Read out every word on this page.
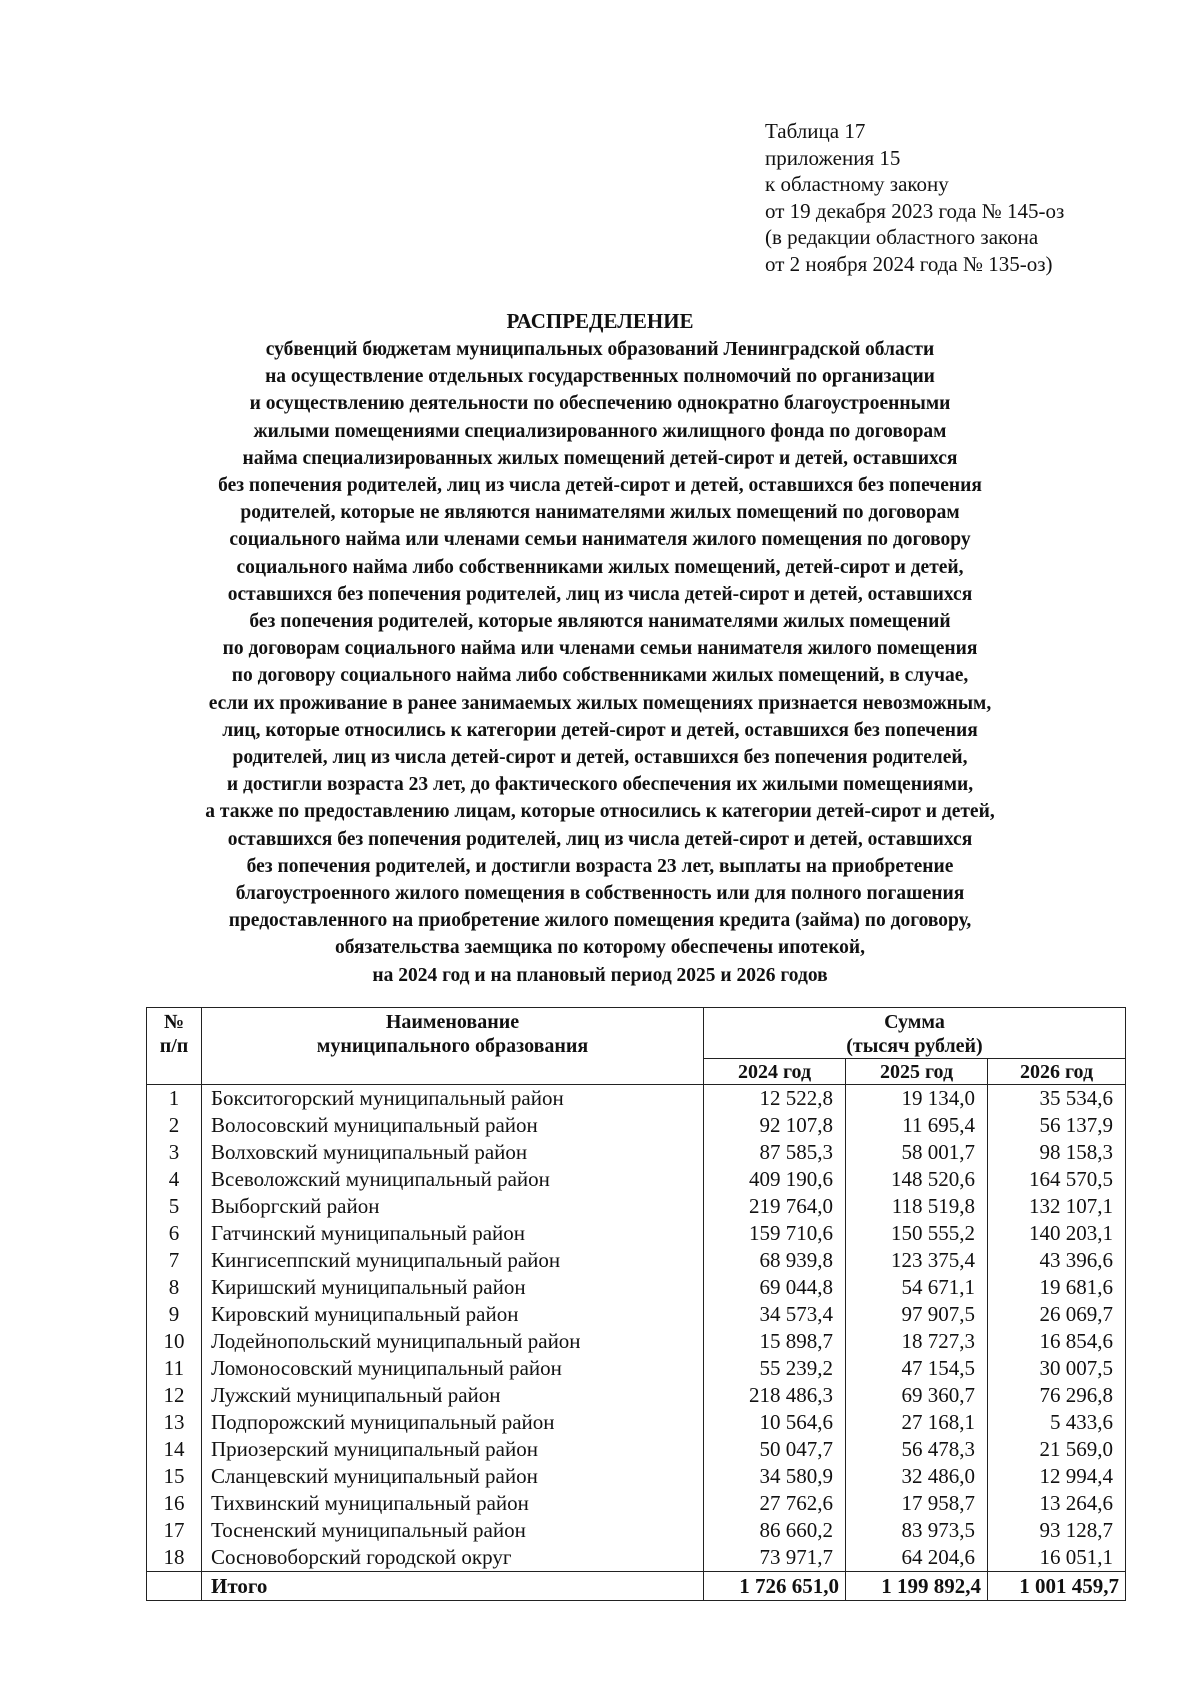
Таблица 17
приложения 15
к областному закону
от 19 декабря 2023 года № 145-оз
(в редакции областного закона
от 2 ноября 2024 года № 135-оз)
РАСПРЕДЕЛЕНИЕ
субвенций бюджетам муниципальных образований Ленинградской области
на осуществление отдельных государственных полномочий по организации
и осуществлению деятельности по обеспечению однократно благоустроенными
жилыми помещениями специализированного жилищного фонда по договорам
найма специализированных жилых помещений детей-сирот и детей, оставшихся
без попечения родителей, лиц из числа детей-сирот и детей, оставшихся без попечения
родителей, которые не являются нанимателями жилых помещений по договорам
социального найма или членами семьи нанимателя жилого помещения по договору
социального найма либо собственниками жилых помещений, детей-сирот и детей,
оставшихся без попечения родителей, лиц из числа детей-сирот и детей, оставшихся
без попечения родителей, которые являются нанимателями жилых помещений
по договорам социального найма или членами семьи нанимателя жилого помещения
по договору социального найма либо собственниками жилых помещений, в случае,
если их проживание в ранее занимаемых жилых помещениях признается невозможным,
лиц, которые относились к категории детей-сирот и детей, оставшихся без попечения
родителей, лиц из числа детей-сирот и детей, оставшихся без попечения родителей,
и достигли возраста 23 лет, до фактического обеспечения их жилыми помещениями,
а также по предоставлению лицам, которые относились к категории детей-сирот и детей,
оставшихся без попечения родителей, лиц из числа детей-сирот и детей, оставшихся
без попечения родителей, и достигли возраста 23 лет, выплаты на приобретение
благоустроенного жилого помещения в собственность или для полного погашения
предоставленного на приобретение жилого помещения кредита (займа) по договору,
обязательства заемщика по которому обеспечены ипотекой,
на 2024 год и на плановый период 2025 и 2026 годов
№
п/п	Наименование
муниципального образования	Сумма
(тысяч рублей)		

		2024 год	2025 год	2026 год
1	Бокситогорский муниципальный район	12 522,8	19 134,0	35 534,6
2	Волосовский муниципальный район	92 107,8	11 695,4	56 137,9
3	Волховский муниципальный район	87 585,3	58 001,7	98 158,3
4	Всеволожский муниципальный район	409 190,6	148 520,6	164 570,5
5	Выборгский район	219 764,0	118 519,8	132 107,1
6	Гатчинский муниципальный район	159 710,6	150 555,2	140 203,1
7	Кингисеппский муниципальный район	68 939,8	123 375,4	43 396,6
8	Киришский муниципальный район	69 044,8	54 671,1	19 681,6
9	Кировский муниципальный район	34 573,4	97 907,5	26 069,7
10	Лодейнопольский муниципальный район	15 898,7	18 727,3	16 854,6
11	Ломоносовский муниципальный район	55 239,2	47 154,5	30 007,5
12	Лужский муниципальный район	218 486,3	69 360,7	76 296,8
13	Подпорожский муниципальный район	10 564,6	27 168,1	5 433,6
14	Приозерский муниципальный район	50 047,7	56 478,3	21 569,0
15	Сланцевский муниципальный район	34 580,9	32 486,0	12 994,4
16	Тихвинский муниципальный район	27 762,6	17 958,7	13 264,6
17	Тосненский муниципальный район	86 660,2	83 973,5	93 128,7
18	Сосновоборский городской округ	73 971,7	64 204,6	16 051,1
	Итого	1 726 651,0	1 199 892,4	1 001 459,7
